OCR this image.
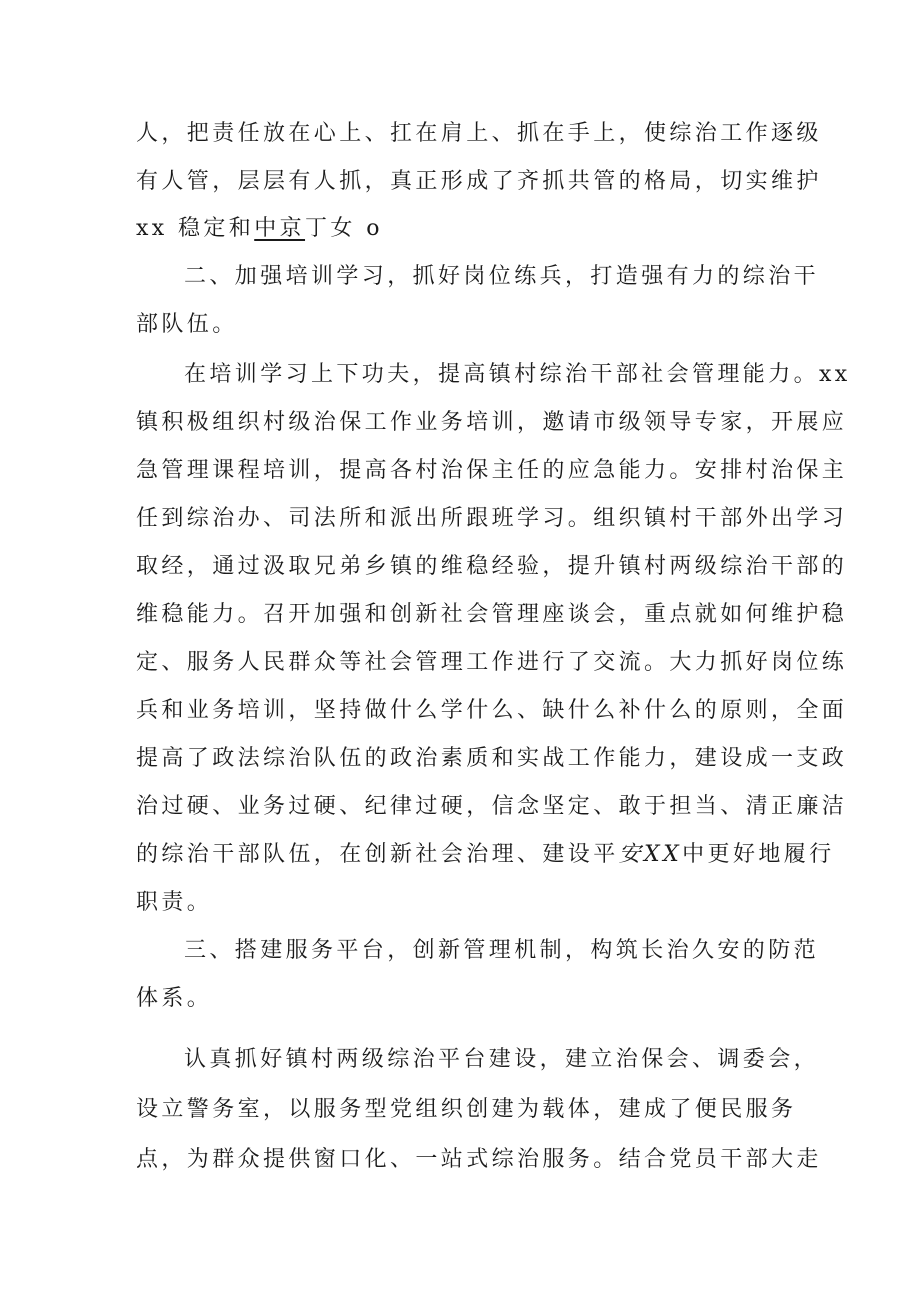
人，把责任放在心上、扛在肩上、抓在手上，使综治工作逐级
有人管，层层有人抓，真正形成了齐抓共管的格局，切实维护
xx 稳定和中京丁女 o
二、加强培训学习，抓好岗位练兵，打造强有力的综治干
部队伍。
在培训学习上下功夫，提高镇村综治干部社会管理能力。xx
镇积极组织村级治保工作业务培训，邀请市级领导专家，开展应
急管理课程培训，提高各村治保主任的应急能力。安排村治保主
任到综治办、司法所和派出所跟班学习。组织镇村干部外出学习
取经，通过汲取兄弟乡镇的维稳经验，提升镇村两级综治干部的
维稳能力。召开加强和创新社会管理座谈会，重点就如何维护稳
定、服务人民群众等社会管理工作进行了交流。大力抓好岗位练
兵和业务培训，坚持做什么学什么、缺什么补什么的原则，全面
提高了政法综治队伍的政治素质和实战工作能力，建设成一支政
治过硬、业务过硬、纪律过硬，信念坚定、敢于担当、清正廉洁
的综治干部队伍，在创新社会治理、建设平安XX中更好地履行
职责。
三、搭建服务平台，创新管理机制，构筑长治久安的防范
体系。
认真抓好镇村两级综治平台建设，建立治保会、调委会，
设立警务室，以服务型党组织创建为载体，建成了便民服务
点，为群众提供窗口化、一站式综治服务。结合党员干部大走
